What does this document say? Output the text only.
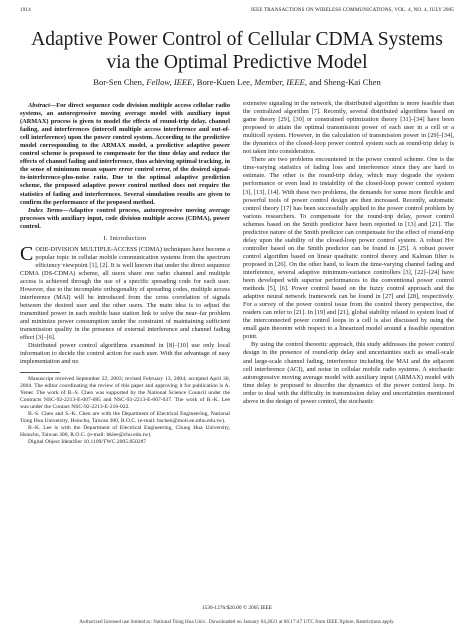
1914	IEEE TRANSACTIONS ON WIRELESS COMMUNICATIONS, VOL. 4, NO. 4, JULY 2005
Adaptive Power Control of Cellular CDMA Systems
via the Optimal Predictive Model
Bor-Sen Chen, Fellow, IEEE, Bore-Kuen Lee, Member, IEEE, and Sheng-Kai Chen

Abstract—For direct sequence code division multiple access cellular radio systems, an autoregressive moving average model with auxiliary input (ARMAX) process is given to model the effects of round-trip delay, channel fading, and interferences (intercell multiple access interference and out-of-cell interference) upon the power control system. According to the predictive model corresponding to the ARMAX model, a predictive adaptive power control scheme is proposed to compensate for the time delay and reduce the effects of channel fading and interference, thus achieving optimal tracking, in the sense of minimum mean square error control error, of the desired signal-to-interference-plus-noise ratio. Due to the optimal adaptive prediction scheme, the proposed adaptive power control method does not require the statistics of fading and interferences. Several simulation results are given to confirm the performance of the proposed method.

Index Terms—Adaptive control process, autoregressive moving average processes with auxiliary input, code division multiple access (CDMA), power control.

I. Introduction

CODE-DIVISION MULTIPLE-ACCESS (CDMA) techniques have become a popular topic in cellular mobile communication systems from the spectrum efficiency viewpoint [1], [2]. It is well known that under the direct sequence CDMA (DS-CDMA) scheme, all users share one radio channel and multiple access is achieved through the use of a specific spreading code for each user. However, due to the incomplete orthogonality of spreading codes, multiple access interference (MAI) will be introduced from the cross correlation of signals between the desired user and the other users. The main idea is to adjust the transmitted power in each mobile base station link to solve the near–far problem and minimize power consumption under the constraint of maintaining sufficient transmission quality in the presence of external interference and channel fading effect [3]–[6].

Distributed power control algorithms examined in [8]–[10] use only local information to decide the control action for each user. With the advantage of easy implementation and no

Manuscript received September 22, 2003; revised February 13, 2004; accepted April 30, 2004. The editor coordinating the review of this paper and approving it for publication is A. Yener. The work of B.-S. Chen was supported by the National Science Council under the Contracts NSC-92-2213-E-007-085 and NSC-93-2213-E-007-037. The work of B.-K. Lee was under the Contact NSC-92-2213-E-216-022.

B.-S. Chen and S.-K. Chen are with the Department of Electrical Engineering, National Tsing Hua University, Hsinchu, Taiwan 300, R.O.C. (e-mail: bschen@moti.ee.nthu.edu.tw).

B.-K. Lee is with the Department of Electrical Engineering, Chung Hua University, Hsinchu, Taiwan 300, R.O.C. (e-mail: bklee@chu.edu.tw).

Digital Object Identifier 10.1109/TWC.2005.850287

extensive signaling in the network, the distributed algorithm is more feasible than the centralized algorithm [7]. Recently, several distributed algorithms based on game theory [29], [30] or constrained optimization theory [31]–[34] have been proposed to attain the optimal transmission power of each user in a cell or a multicell system. However, in the calculation of transmission power in [29]–[34], the dynamics of the closed-loop power control system such as round-trip delay is not taken into consideration.

There are two problems encountered in the power control scheme. One is the time-varying statistics of fading loss and interference since they are hard to estimate. The other is the round-trip delay, which may degrade the system performance or even lead to instability of the closed-loop power control system [3], [13], [14]. With these two problems, the demands for some more flexible and powerful tools of power control design are then increased. Recently, automatic control theory [17] has been successfully applied to the power control problem by various researchers. To compensate for the round-trip delay, power control schemes based on the Smith predictor have been reported in [13] and [21]. The predictive nature of the Smith predictor can compensate for the effect of round-trip delay upon the stability of the closed-loop power control system. A robust H∞ controller based on the Smith predictor can be found in [25]. A robust power control algorithm based on linear quadratic control theory and Kalman filter is proposed in [26]. On the other hand, to learn the time-varying channel fading and interference, several adaptive minimum-variance controllers [3], [22]–[24] have been developed with superior performances to the conventional power control methods [5], [6]. Power control based on the fuzzy control approach and the adaptive neural network framework can be found in [27] and [28], respectively. For a survey of the power control issue from the control theory perspective, the readers can refer to [21]. In [19] and [21], global stability related to system load of the interconnected power control loops in a cell is also discussed by using the small gain theorem with respect to a linearized model around a feasible operation point.

By using the control theoretic approach, this study addresses the power control design in the presence of round-trip delay and uncertainties such as small-scale and large-scale channel fading, interference including the MAI and the adjacent cell interference (ACI), and noise in cellular mobile radio systems. A stochastic autoregressive moving average model with auxiliary input (ARMAX) model with time delay is proposed to describe the dynamics of the power control loop. In order to deal with the difficulty in transmission delay and uncertainties mentioned above in the design of power control, the stochastic

1536-1276/$20.00 © 2005 IEEE
Authorized licensed use limited to: National Tsing Hua Univ.. Downloaded on January 04,2021 at 06:17:47 UTC from IEEE Xplore. Restrictions apply.
